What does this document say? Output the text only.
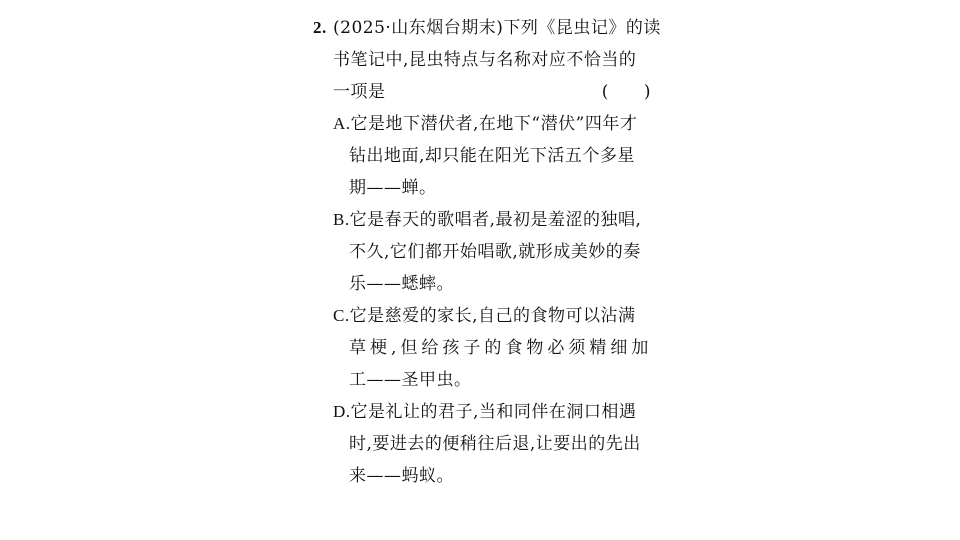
2. (2025·山东烟台期末)下列《昆虫记》的读
书笔记中,昆虫特点与名称对应不恰当的
一项是	(　　)
A.它是地下潜伏者,在地下“潜伏”四年才
钻出地面,却只能在阳光下活五个多星
期——蝉。
B.它是春天的歌唱者,最初是羞涩的独唱,
不久,它们都开始唱歌,就形成美妙的奏
乐——蟋蟀。
C.它是慈爱的家长,自己的食物可以沾满
草梗,但给孩子的食物必须精细加
工——圣甲虫。
D.它是礼让的君子,当和同伴在洞口相遇
时,要进去的便稍往后退,让要出的先出
来——蚂蚁。
